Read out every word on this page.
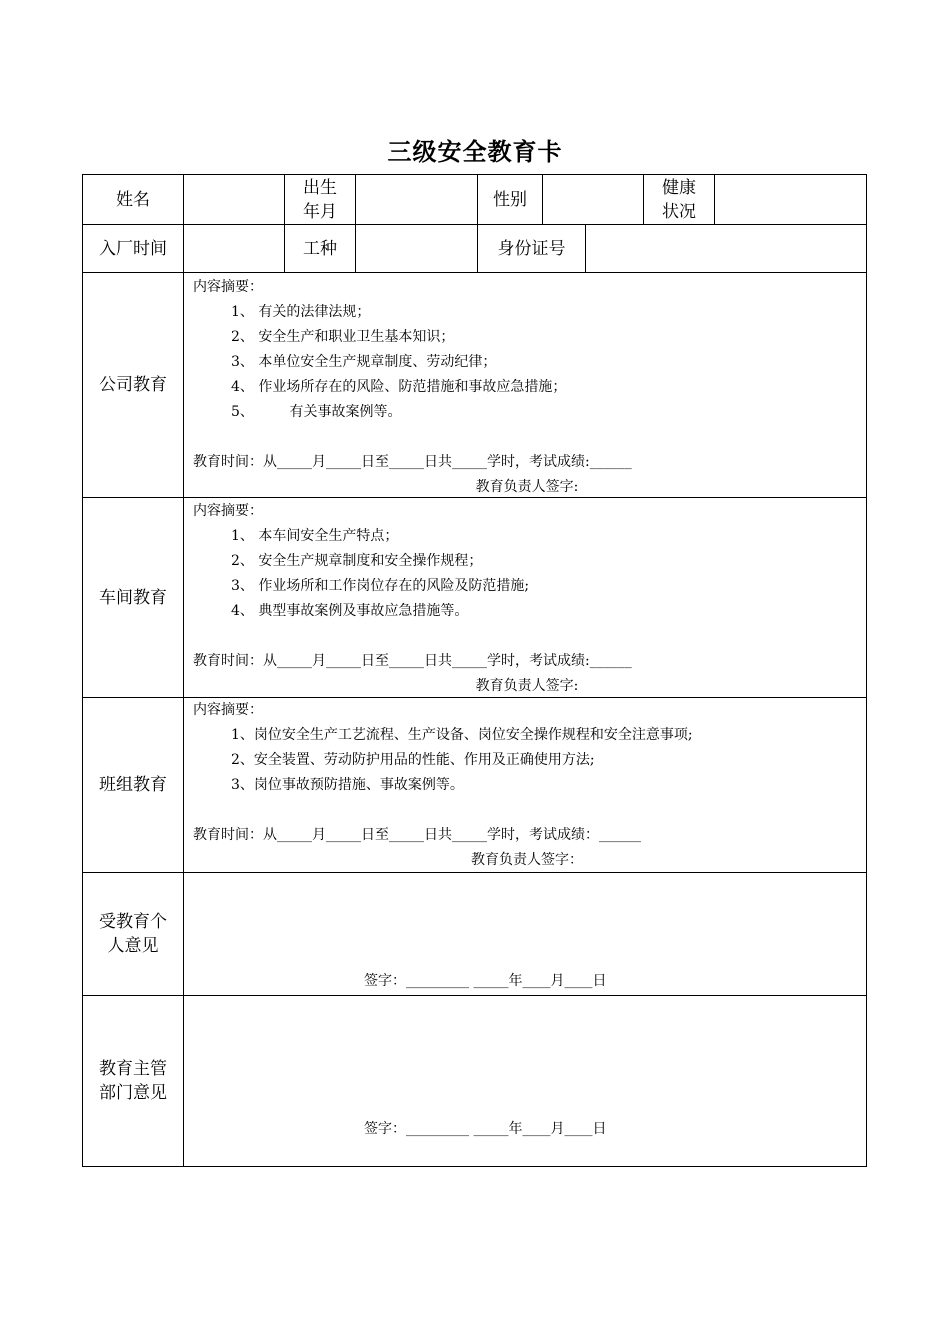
三级安全教育卡
姓名
出生
年月
性别
健康
状况
入厂时间	工种	身份证号
公司教育
内容摘要：
1、 有关的法律法规；
2、 安全生产和职业卫生基本知识；
3、 本单位安全生产规章制度、劳动纪律；
4、 作业场所存在的风险、防范措施和事故应急措施；
5、        有关事故案例等。
教育时间：从_____月_____日至_____日共_____学时，考试成绩:______
教育负责人签字:
车间教育
内容摘要：
1、 本车间安全生产特点；
2、 安全生产规章制度和安全操作规程；
3、 作业场所和工作岗位存在的风险及防范措施;
4、 典型事故案例及事故应急措施等。
教育时间：从_____月_____日至_____日共_____学时，考试成绩:______
教育负责人签字:
班组教育
内容摘要：
1、岗位安全生产工艺流程、生产设备、岗位安全操作规程和安全注意事项;
2、安全装置、劳动防护用品的性能、作用及正确使用方法;
3、岗位事故预防措施、事故案例等。
教育时间：从_____月_____日至_____日共_____学时，考试成绩：______
教育负责人签字：
受教育个
人意见
签字：_________ _____年____月____日
教育主管
部门意见
签字：_________ _____年____月____日
